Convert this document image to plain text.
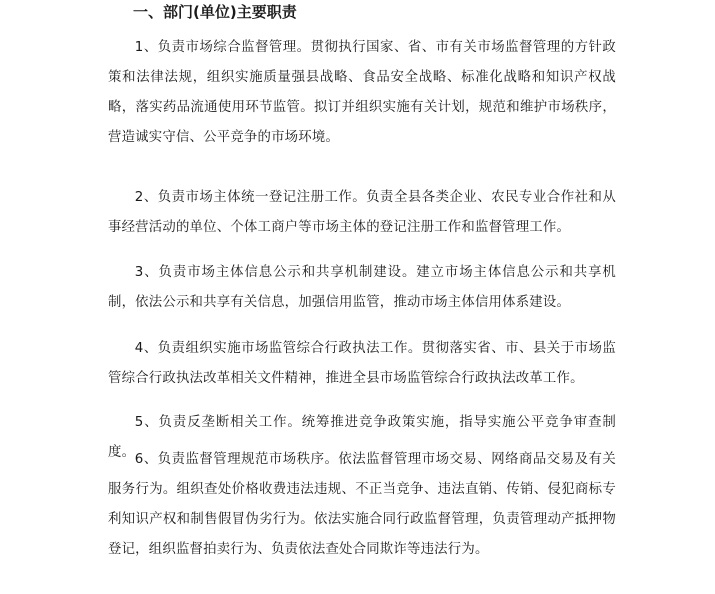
一、部门(单位)主要职责

1、负责市场综合监督管理。贯彻执行国家、省、市有关市场监督管理的方针政策和法律法规，组织实施质量强县战略、食品安全战略、标准化战略和知识产权战略，落实药品流通使用环节监管。拟订并组织实施有关计划，规范和维护市场秩序，营造诚实守信、公平竞争的市场环境。

2、负责市场主体统一登记注册工作。负责全县各类企业、农民专业合作社和从事经营活动的单位、个体工商户等市场主体的登记注册工作和监督管理工作。

3、负责市场主体信息公示和共享机制建设。建立市场主体信息公示和共享机制，依法公示和共享有关信息，加强信用监管，推动市场主体信用体系建设。

4、负责组织实施市场监管综合行政执法工作。贯彻落实省、市、县关于市场监管综合行政执法改革相关文件精神，推进全县市场监管综合行政执法改革工作。

5、负责反垄断相关工作。统筹推进竞争政策实施，指导实施公平竞争审查制度。 6、负责监督管理规范市场秩序。依法监督管理市场交易、网络商品交易及有关服务行为。组织查处价格收费违法违规、不正当竞争、违法直销、传销、侵犯商标专利知识产权和制售假冒伪劣行为。依法实施合同行政监督管理，负责管理动产抵押物登记，组织监督拍卖行为、负责依法查处合同欺诈等违法行为。
